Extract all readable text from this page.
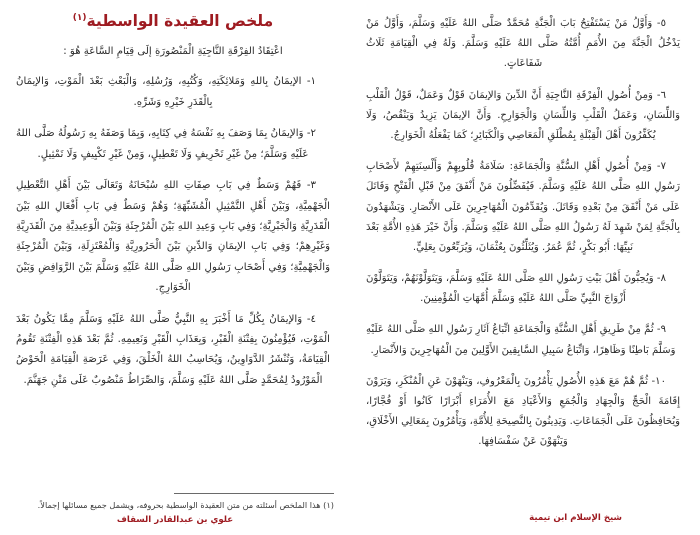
٥- وَأَوَّلُ مَنْ يَسْتَفْتِحُ بَابَ الْجَنَّةِ مُحَمَّدٌ صَلَّى اللهُ عَلَيْهِ وَسَلَّمَ، وَأَوَّلُ مَنْ يَدْخُلُ الْجَنَّةَ مِنَ الأُمَمِ أُمَّتُهُ صَلَّى اللهُ عَلَيْهِ وَسَلَّمَ. وَلَهُ فِي الْقِيَامَةِ ثَلَاثُ شَفَاعَاتٍ.

٦- وَمِنْ أُصُولِ الْفِرْقَةِ النَّاجِيَةِ أَنَّ الدِّينَ وَالإيمَانَ قَوْلٌ وَعَمَلٌ، قَوْلُ الْقَلْبِ وَاللِّسَانِ، وَعَمَلُ الْقَلْبِ وَاللِّسَانِ وَالْجَوَارِحِ. وَأَنَّ الإيمَانَ يَزِيدُ وَيَنْقُصُ، وَلَا يُكَفِّرُونَ أَهْلَ الْقِبْلَةِ بِمُطْلَقِ الْمَعَاصِي وَالْكَبَائِرِ؛ كَمَا يَفْعَلُهُ الْخَوَارِجُ.

٧- وَمِنْ أُصُولِ أَهْلِ السُّنَّةِ وَالْجَمَاعَةِ: سَلَامَةُ قُلُوبِهِمْ وَأَلْسِنَتِهِمْ لأَصْحَابِ رَسُولِ اللهِ صَلَّى اللهُ عَلَيْهِ وَسَلَّمَ. فَيُفَضِّلُونَ مَنْ أَنْفَقَ مِنْ قَبْلِ الْفَتْحِ وَقَاتَلَ عَلَى مَنْ أَنْفَقَ مِنْ بَعْدِهِ وَقَاتَلَ. وَيُقَدِّمُونَ الْمُهَاجِرِينَ عَلَى الأَنْصَارِ. وَيَشْهَدُونَ بِالْجَنَّةِ لِمَنْ شَهِدَ لَهُ رَسُولُ اللهِ صَلَّى اللهُ عَلَيْهِ وَسَلَّمَ. وَأَنَّ خَيْرَ هَذِهِ الأُمَّةِ بَعْدَ نَبِيِّهَا: أَبُو بَكْرٍ، ثُمَّ عُمَرُ. وَيُثَلِّثُونَ بِعُثْمَانَ، وَيُرَبِّعُونَ بِعَلِيٍّ.

٨- وَيُحِبُّونَ أَهْلَ بَيْتِ رَسُولِ اللهِ صَلَّى اللهُ عَلَيْهِ وَسَلَّمَ، وَيَتَوَلَّوْنَهُمْ، وَيَتَوَلَّوْنَ أَزْوَاجَ النَّبِيِّ صَلَّى اللهُ عَلَيْهِ وَسَلَّمَ أُمَّهَاتِ الْمُؤْمِنِينَ.

٩- ثُمَّ مِنْ طَرِيقِ أَهْلِ السُّنَّةِ وَالْجَمَاعَةِ اتِّبَاعُ آثَارِ رَسُولِ اللهِ صَلَّى اللهُ عَلَيْهِ وَسَلَّمَ بَاطِنًا وَظَاهِرًا، وَاتِّبَاعُ سَبِيلِ السَّابِقِينَ الأَوَّلِينَ مِنَ الْمُهَاجِرِينَ وَالأَنْصَارِ.

١٠- ثُمَّ هُمْ مَعَ هَذِهِ الأُصُولِ يَأْمُرُونَ بِالْمَعْرُوفِ، وَيَنْهَوْنَ عَنِ الْمُنْكَرِ، وَيَرَوْنَ إِقَامَةَ الْحَجِّ وَالْجِهَادِ وَالْجُمَعِ وَالأَعْيَادِ مَعَ الأُمَرَاءِ أَبْرَارًا كَانُوا أَوْ فُجَّارًا، وَيُحَافِظُونَ عَلَى الْجَمَاعَاتِ. وَيَدِينُونَ بِالنَّصِيحَةِ لِلأُمَّةِ، وَيَأْمُرُونَ بِمَعَالِي الأَخْلَاقِ، وَيَنْهَوْنَ عَنْ سَفْسَافِهَا.

شيخ الإسلام ابن تيمية
ملخص العقيدة الواسطية$^{(١)}$

اعْتِقَادُ الفِرْقَةِ النَّاجِيَةِ الْمَنْصُورَةِ إلَى قِيَامِ السَّاعَةِ هُوَ :

١- الإيمَانُ بِاللهِ وَمَلائِكَتِهِ، وَكُتُبِهِ، وَرُسُلِهِ، وَالْبَعْثِ بَعْدَ الْمَوْتِ، وَالإيمَانُ بِالْقَدَرِ خَيْرِهِ وَشَرِّهِ.

٢- وَالإيمَانُ بِمَا وَصَفَ بِهِ نَفْسَهُ فِي كِتَابِهِ، وَبِمَا وَصَفَهُ بِهِ رَسُولُهُ صَلَّى اللهُ عَلَيْهِ وَسَلَّمَ؛ مِنْ غَيْرِ تَحْرِيفٍ وَلَا تَعْطِيلٍ، وَمِنْ غَيْرِ تَكْيِيفٍ وَلَا تَمْثِيلٍ.

٣- فَهُمْ وَسَطٌ فِي بَابِ صِفَاتِ اللهِ سُبْحَانَهُ وَتَعَالَى بَيْنَ أَهْلِ التَّعْطِيلِ الْجَهْمِيَّةِ، وَبَيْنَ أَهْلِ التَّمْثِيلِ الْمُشَبِّهَةِ؛ وَهُمْ وَسَطٌ فِي بَابِ أَفْعَالِ اللهِ بَيْنَ الْقَدَرِيَّةِ وَالْجَبْرِيَّةِ؛ وَفِي بَابِ وَعِيدِ اللهِ بَيْنَ الْمُرْجِئَةِ وَبَيْنَ الْوَعِيدِيَّةِ مِنَ الْقَدَرِيَّةِ وَغَيْرِهِمْ؛ وَفِي بَابِ الإيمَانِ وَالدِّينِ بَيْنَ الْحَرُورِيَّةِ وَالْمُعْتَزِلَةِ، وَبَيْنَ الْمُرْجِئَةِ وَالْجَهْمِيَّةِ؛ وَفِي أَصْحَابِ رَسُولِ اللهِ صَلَّى اللهُ عَلَيْهِ وَسَلَّمَ بَيْنَ الرَّوَافِضِ وَبَيْنَ الْخَوَارِجِ.

٤- وَالإيمَانُ بِكُلِّ مَا أَخْبَرَ بِهِ النَّبِيُّ صَلَّى اللهُ عَلَيْهِ وَسَلَّمَ مِمَّا يَكُونُ بَعْدَ الْمَوْتِ، فَيُؤْمِنُونَ بِفِتْنَةِ الْقَبْرِ، وَبِعَذَابِ الْقَبْرِ وَنَعِيمِهِ. ثُمَّ بَعْدَ هَذِهِ الْفِتْنَةِ تَقُومُ الْقِيَامَةُ، وَتُنْشَرُ الدَّوَاوِينُ، وَيُحَاسِبُ اللهُ الْخَلْقَ، وَفِي عَرَصَةِ الْقِيَامَةِ الْحَوْضُ الْمَوْرُودُ لِمُحَمَّدٍ صَلَّى اللهُ عَلَيْهِ وَسَلَّمَ، وَالصِّرَاطُ مَنْصُوبٌ عَلَى مَتْنِ جَهَنَّمَ.

(١) هذا الملخص أسئلته من متن العقيدة الواسطية بحروفه، ويشمل جميع مسائلها إجمالاً.

علوي بن عبدالقادر السقاف
